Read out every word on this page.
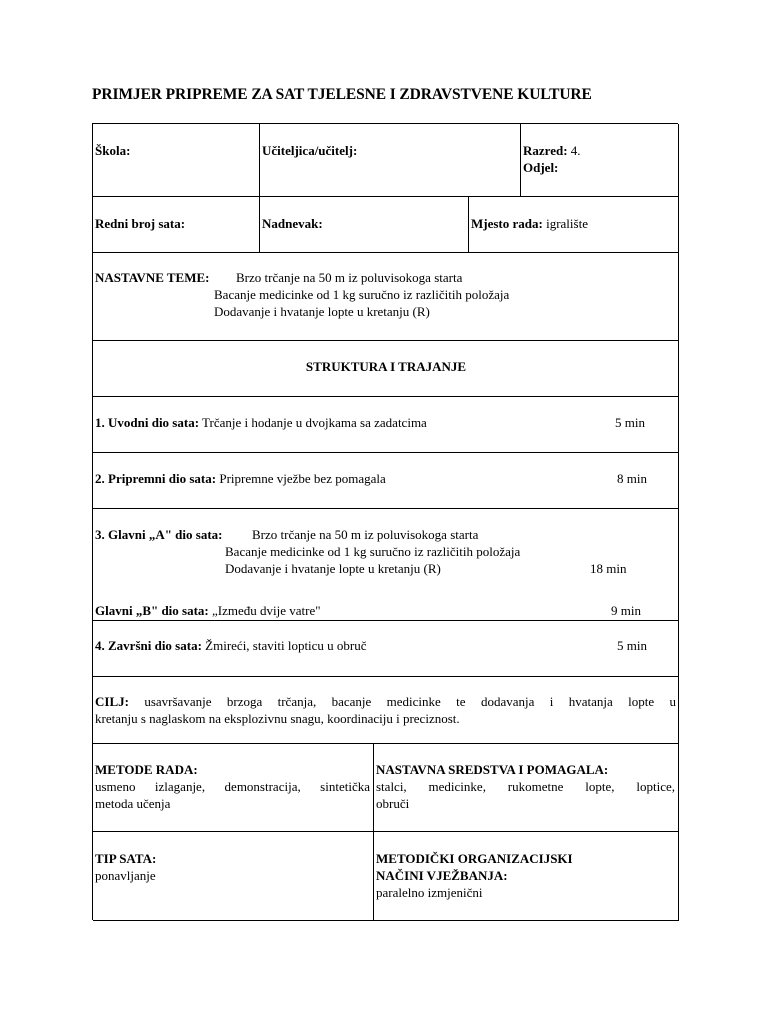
PRIMJER PRIPREME ZA SAT TJELESNE I ZDRAVSTVENE KULTURE
Škola:	Učiteljica/učitelj:	Razred: 4.
Odjel:
Redni broj sata:	Nadnevak:	Mjesto rada: igralište
NASTAVNE TEME: Brzo trčanje na 50 m iz poluvisokoga starta
Bacanje medicinke od 1 kg suručno iz različitih položaja
Dodavanje i hvatanje lopte u kretanju (R)
STRUKTURA I TRAJANJE
1. Uvodni dio sata: Trčanje i hodanje u dvojkama sa zadatcima	5 min
2. Pripremni dio sata: Pripremne vježbe bez pomagala	8 min
3. Glavni „A" dio sata: Brzo trčanje na 50 m iz poluvisokoga starta
Bacanje medicinke od 1 kg suručno iz različitih položaja
Dodavanje i hvatanje lopte u kretanju (R)	18 min
Glavni „B" dio sata: „Između dvije vatre"	9 min
4. Završni dio sata: Žmireći, staviti lopticu u obruč	5 min
CILJ: usavršavanje brzoga trčanja, bacanje medicinke te dodavanja i hvatanja lopte u
kretanju s naglaskom na eksplozivnu snagu, koordinaciju i preciznost.
METODE RADA:
usmeno izlaganje, demonstracija, sintetička
metoda učenja
NASTAVNA SREDSTVA I POMAGALA:
stalci, medicinke, rukometne lopte, loptice,
obruči
TIP SATA:
ponavljanje
METODIČKI ORGANIZACIJSKI
NAČINI VJEŽBANJA:
paralelno izmjenični
